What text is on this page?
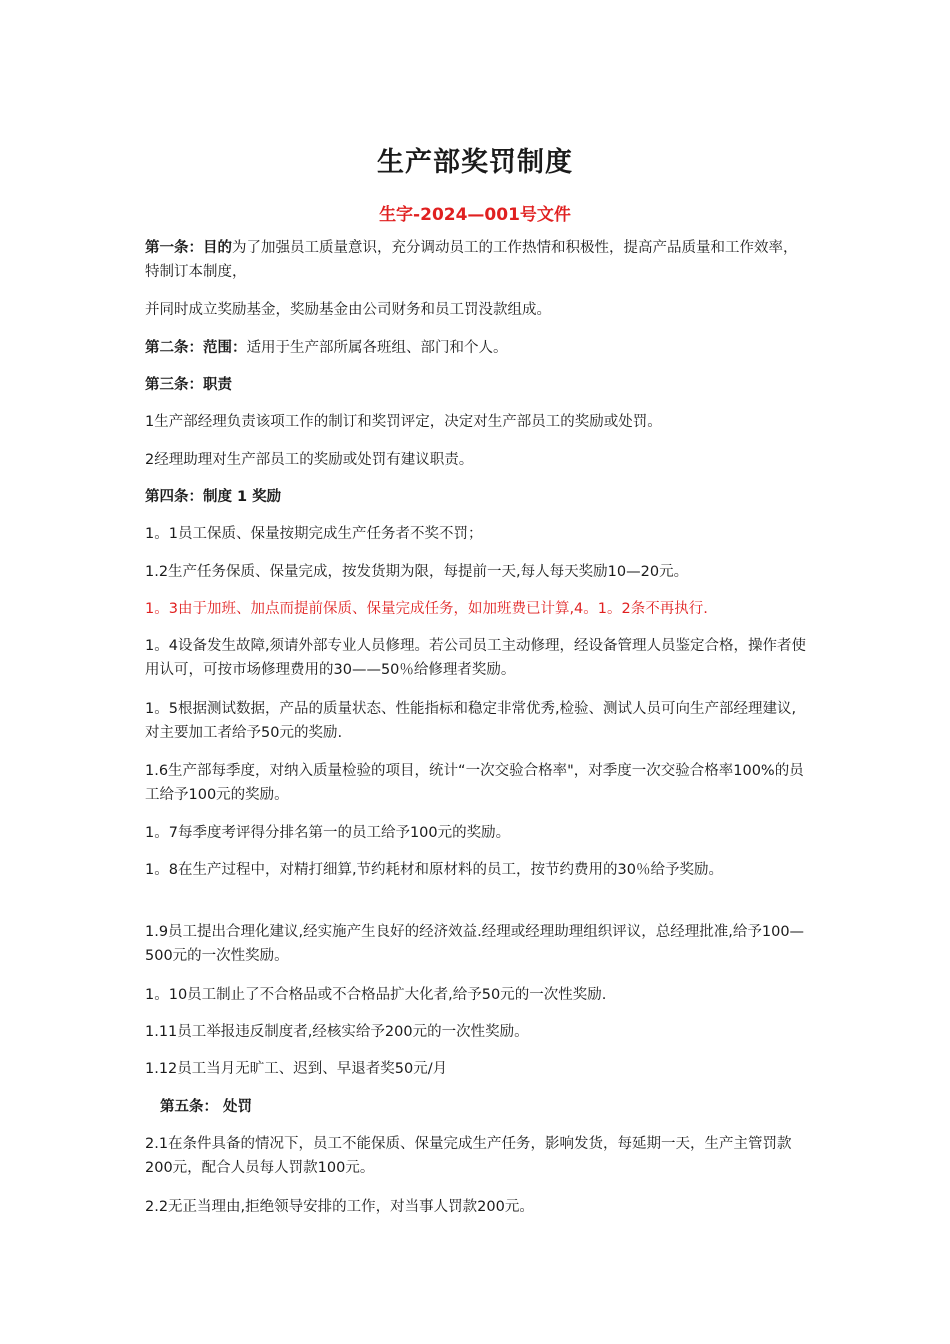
生产部奖罚制度
生字-2024—001号文件
第一条：目的为了加强员工质量意识，充分调动员工的工作热情和积极性，提高产品质量和工作效率，特制订本制度，
并同时成立奖励基金，奖励基金由公司财务和员工罚没款组成。
第二条：范围：适用于生产部所属各班组、部门和个人。
第三条：职责
1生产部经理负责该项工作的制订和奖罚评定，决定对生产部员工的奖励或处罚。
2经理助理对生产部员工的奖励或处罚有建议职责。
第四条：制度 1 奖励
1。1员工保质、保量按期完成生产任务者不奖不罚；
1.2生产任务保质、保量完成，按发货期为限，每提前一天,每人每天奖励10—20元。
1。3由于加班、加点而提前保质、保量完成任务，如加班费已计算,4。1。2条不再执行.
1。4设备发生故障,须请外部专业人员修理。若公司员工主动修理，经设备管理人员鉴定合格，操作者使用认可，可按市场修理费用的30——50％给修理者奖励。
1。5根据测试数据，产品的质量状态、性能指标和稳定非常优秀,检验、测试人员可向生产部经理建议,对主要加工者给予50元的奖励.
1.6生产部每季度，对纳入质量检验的项目，统计“一次交验合格率"，对季度一次交验合格率100%的员工给予100元的奖励。
1。7每季度考评得分排名第一的员工给予100元的奖励。
1。8在生产过程中，对精打细算,节约耗材和原材料的员工，按节约费用的30％给予奖励。
1.9员工提出合理化建议,经实施产生良好的经济效益.经理或经理助理组织评议，总经理批准,给予100—500元的一次性奖励。
1。10员工制止了不合格品或不合格品扩大化者,给予50元的一次性奖励.
1.11员工举报违反制度者,经核实给予200元的一次性奖励。
1.12员工当月无旷工、迟到、早退者奖50元/月
第五条： 处罚
2.1在条件具备的情况下，员工不能保质、保量完成生产任务，影响发货，每延期一天，生产主管罚款200元，配合人员每人罚款100元。
2.2无正当理由,拒绝领导安排的工作，对当事人罚款200元。
